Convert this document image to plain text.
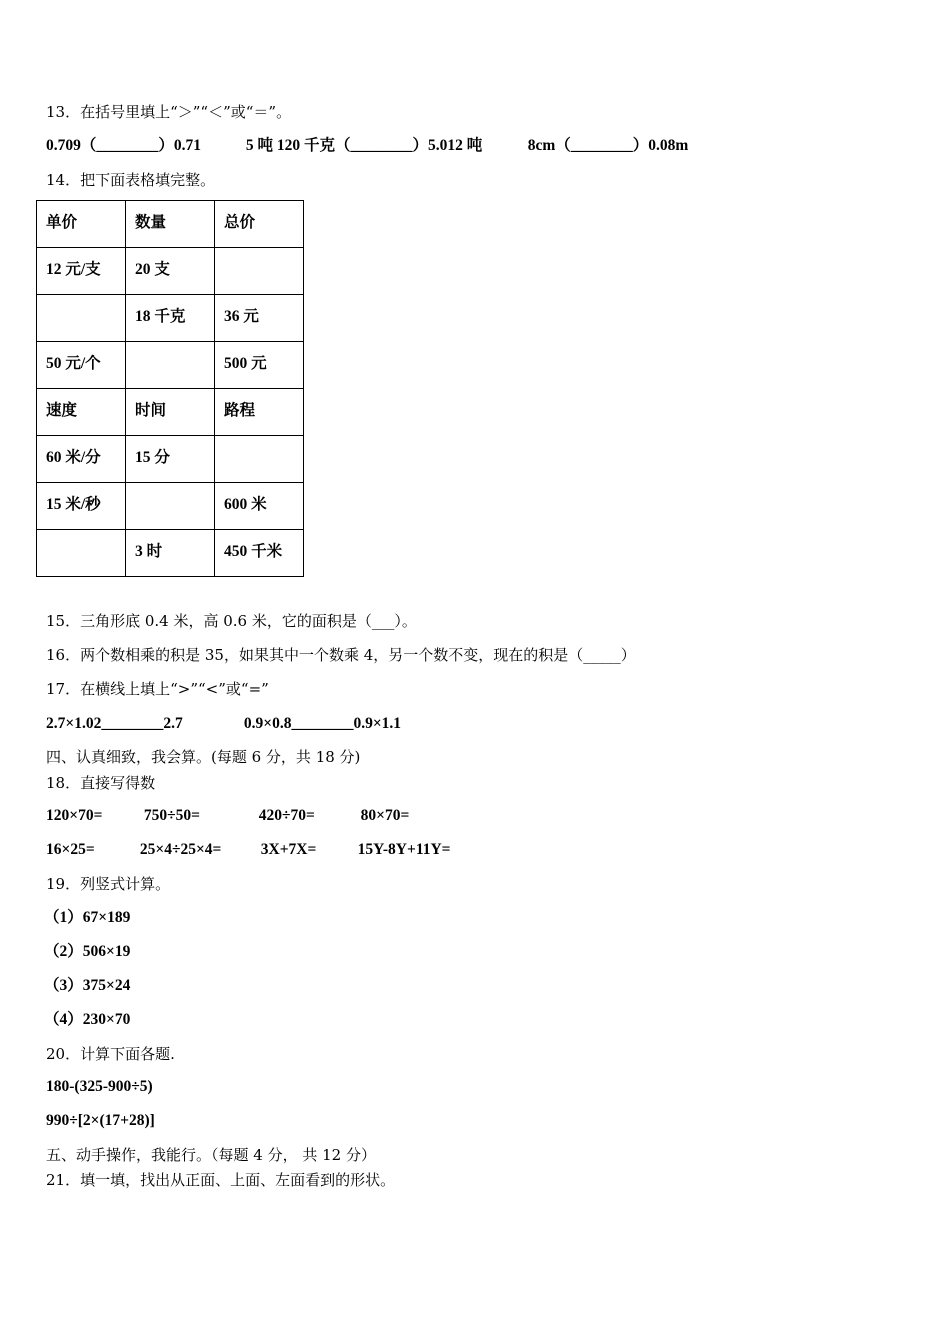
13．在括号里填上“＞”“＜”或“＝”。
0.709（________）0.71	5 吨 120 千克（________）5.012 吨	8cm（________）0.08m
14．把下面表格填完整。
单价	数量	总价
12 元/支	20 支	
	18 千克	36 元
50 元/个		500 元
速度	时间	路程
60 米/分	15 分	
15 米/秒		600 米
	3 时	450 千米
15．三角形底 0.4 米，高 0.6 米，它的面积是（___）。
16．两个数相乘的积是 35，如果其中一个数乘 4，另一个数不变，现在的积是（_____）
17．在横线上填上“>”“<”或“=”
2.7×1.02________2.7	0.9×0.8________0.9×1.1
四、认真细致，我会算。(每题 6 分，共 18 分)
18．直接写得数
120×70=	750÷50=	420÷70=	80×70=
16×25=	25×4÷25×4=	3X+7X=	15Y-8Y+11Y=
19．列竖式计算。
（1）67×189
（2）506×19
（3）375×24
（4）230×70
20．计算下面各题.
180-(325-900÷5)
990÷[2×(17+28)]
五、动手操作，我能行。（每题 4 分， 共 12 分）
21．填一填，找出从正面、上面、左面看到的形状。
